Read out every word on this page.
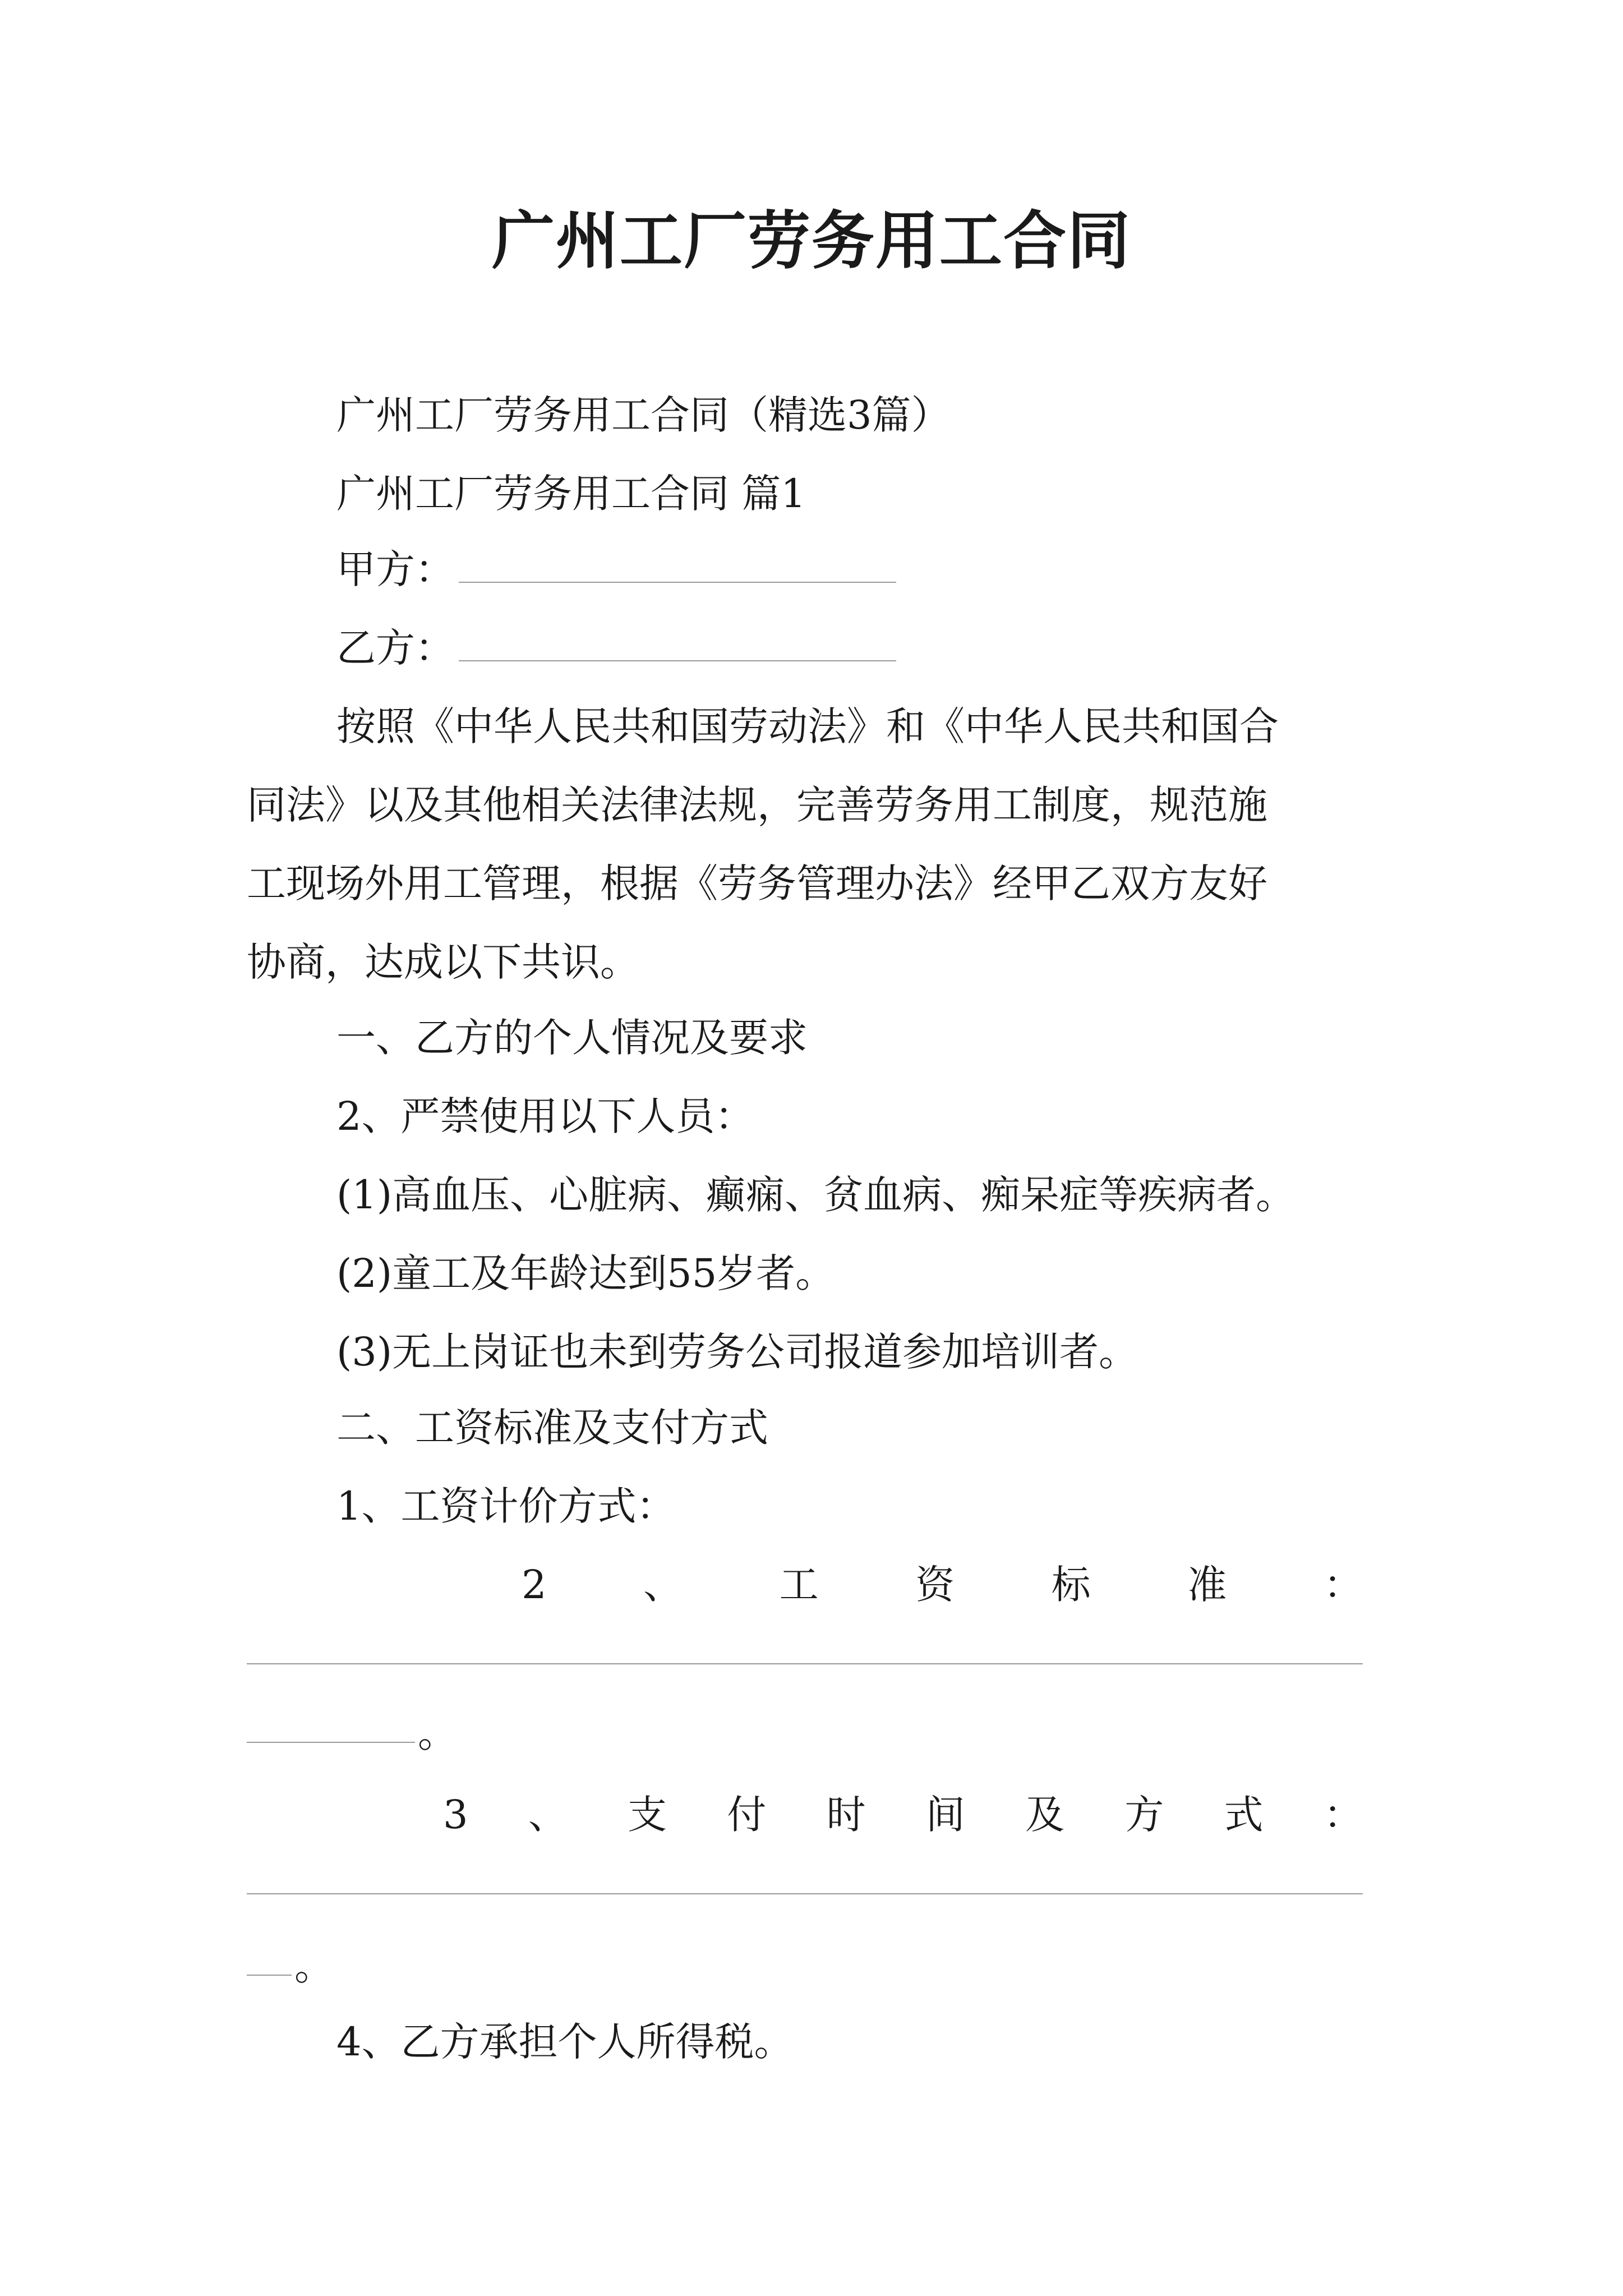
广州工厂劳务用工合同
广州工厂劳务用工合同（精选3篇）
广州工厂劳务用工合同 篇1
甲方：
乙方：
按照《中华人民共和国劳动法》和《中华人民共和国合
同法》以及其他相关法律法规，完善劳务用工制度，规范施
工现场外用工管理，根据《劳务管理办法》经甲乙双方友好
协商，达成以下共识。
一、乙方的个人情况及要求
2、严禁使用以下人员：
(1)高血压、心脏病、癫痫、贫血病、痴呆症等疾病者。
(2)童工及年龄达到55岁者。
(3)无上岗证也未到劳务公司报道参加培训者。
二、工资标准及支付方式
1、工资计价方式：
2 、 工 资 标 准 ：
。
3 、 支 付 时 间 及 方 式 ：
。
4、乙方承担个人所得税。
